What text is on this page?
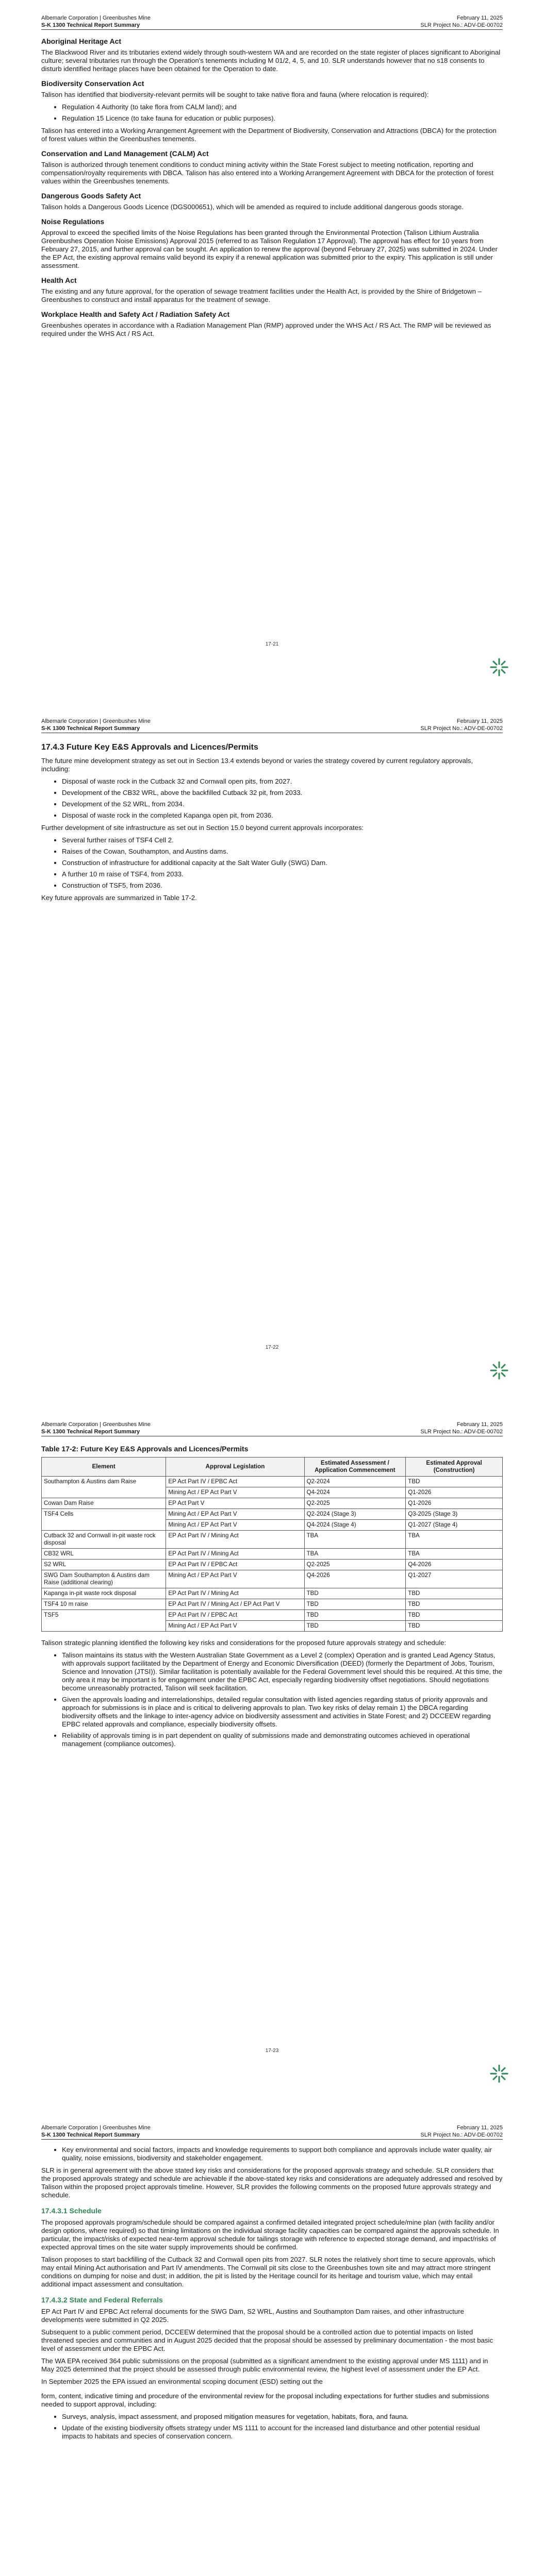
Albemarle Corporation | Greenbushes Mine
S-K 1300 Technical Report Summary
February 11, 2025
SLR Project No.: ADV-DE-00702
Aboriginal Heritage Act

The Blackwood River and its tributaries extend widely through south-western WA and are recorded on the state register of places significant to Aboriginal culture; several tributaries run through the Operation's tenements including M 01/2, 4, 5, and 10. SLR understands however that no s18 consents to disturb identified heritage places have been obtained for the Operation to date.

Biodiversity Conservation Act

Talison has identified that biodiversity-relevant permits will be sought to take native flora and fauna (where relocation is required):

• Regulation 4 Authority (to take flora from CALM land); and
• Regulation 15 Licence (to take fauna for education or public purposes).

Talison has entered into a Working Arrangement Agreement with the Department of Biodiversity, Conservation and Attractions (DBCA) for the protection of forest values within the Greenbushes tenements.

Conservation and Land Management (CALM) Act

Talison is authorized through tenement conditions to conduct mining activity within the State Forest subject to meeting notification, reporting and compensation/royalty requirements with DBCA. Talison has also entered into a Working Arrangement Agreement with DBCA for the protection of forest values within the Greenbushes tenements.

Dangerous Goods Safety Act

Talison holds a Dangerous Goods Licence (DGS000651), which will be amended as required to include additional dangerous goods storage.

Noise Regulations

Approval to exceed the specified limits of the Noise Regulations has been granted through the Environmental Protection (Talison Lithium Australia Greenbushes Operation Noise Emissions) Approval 2015 (referred to as Talison Regulation 17 Approval). The approval has effect for 10 years from February 27, 2015, and further approval can be sought. An application to renew the approval (beyond February 27, 2025) was submitted in 2024. Under the EP Act, the existing approval remains valid beyond its expiry if a renewal application was submitted prior to the expiry. This application is still under assessment.

Health Act

The existing and any future approval, for the operation of sewage treatment facilities under the Health Act, is provided by the Shire of Bridgetown – Greenbushes to construct and install apparatus for the treatment of sewage.

Workplace Health and Safety Act / Radiation Safety Act

Greenbushes operates in accordance with a Radiation Management Plan (RMP) approved under the WHS Act / RS Act. The RMP will be reviewed as required under the WHS Act / RS Act.

17-21
Albemarle Corporation | Greenbushes Mine
S-K 1300 Technical Report Summary
February 11, 2025
SLR Project No.: ADV-DE-00702
17.4.3 Future Key E&S Approvals and Licences/Permits

The future mine development strategy as set out in Section 13.4 extends beyond or varies the strategy covered by current regulatory approvals, including:

• Disposal of waste rock in the Cutback 32 and Cornwall open pits, from 2027.
• Development of the CB32 WRL, above the backfilled Cutback 32 pit, from 2033.
• Development of the S2 WRL, from 2034.
• Disposal of waste rock in the completed Kapanga open pit, from 2036.

Further development of site infrastructure as set out in Section 15.0 beyond current approvals incorporates:

• Several further raises of TSF4 Cell 2.
• Raises of the Cowan, Southampton, and Austins dams.
• Construction of infrastructure for additional capacity at the Salt Water Gully (SWG) Dam.
• A further 10 m raise of TSF4, from 2033.
• Construction of TSF5, from 2036.

Key future approvals are summarized in Table 17-2.

17-22
Albemarle Corporation | Greenbushes Mine
S-K 1300 Technical Report Summary
February 11, 2025
SLR Project No.: ADV-DE-00702
Table 17-2: Future Key E&S Approvals and Licences/Permits
Element	Approval Legislation	Estimated Assessment / Application Commencement	Estimated Approval (Construction)
Southampton & Austins dam Raise	EP Act Part IV / EPBC Act	Q2-2024	TBD
	Mining Act / EP Act Part V	Q4-2024	Q1-2026
Cowan Dam Raise	EP Act Part V	Q2-2025	Q1-2026
TSF4 Cells	Mining Act / EP Act Part V	Q2-2024 (Stage 3)	Q3-2025 (Stage 3)
	Mining Act / EP Act Part V	Q4-2024 (Stage 4)	Q1-2027 (Stage 4)
Cutback 32 and Cornwall in-pit waste rock disposal	EP Act Part IV / Mining Act	TBA	TBA
CB32 WRL	EP Act Part IV / Mining Act	TBA	TBA
S2 WRL	EP Act Part IV / EPBC Act	Q2-2025	Q4-2026
SWG Dam Southampton & Austins dam Raise (additional clearing)	Mining Act / EP Act Part V	Q4-2026	Q1-2027
Kapanga in-pit waste rock disposal	EP Act Part IV / Mining Act	TBD	TBD
TSF4 10 m raise	EP Act Part IV / Mining Act / EP Act Part V	TBD	TBD
TSF5	EP Act Part IV / EPBC Act	TBD	TBD
	Mining Act / EP Act Part V	TBD	TBD

Talison strategic planning identified the following key risks and considerations for the proposed future approvals strategy and schedule:

• Talison maintains its status with the Western Australian State Government as a Level 2 (complex) Operation and is granted Lead Agency Status, with approvals support facilitated by the Department of Energy and Economic Diversification (DEED) (formerly the Department of Jobs, Tourism, Science and Innovation (JTSI)). Similar facilitation is potentially available for the Federal Government level should this be required. At this time, the only area it may be important is for engagement under the EPBC Act, especially regarding biodiversity offset negotiations. Should negotiations become unreasonably protracted, Talison will seek facilitation.
• Given the approvals loading and interrelationships, detailed regular consultation with listed agencies regarding status of priority approvals and approach for submissions is in place and is critical to delivering approvals to plan. Two key risks of delay remain 1) the DBCA regarding biodiversity offsets and the linkage to inter-agency advice on biodiversity assessment and activities in State Forest; and 2) DCCEEW regarding EPBC related approvals and compliance, especially biodiversity offsets.
• Reliability of approvals timing is in part dependent on quality of submissions made and demonstrating outcomes achieved in operational management (compliance outcomes).
17-23
Albemarle Corporation | Greenbushes Mine
S-K 1300 Technical Report Summary
February 11, 2025
SLR Project No.: ADV-DE-00702
• Key environmental and social factors, impacts and knowledge requirements to support both compliance and approvals include water quality, air quality, noise emissions, biodiversity and stakeholder engagement.

SLR is in general agreement with the above stated key risks and considerations for the proposed approvals strategy and schedule. SLR considers that the proposed approvals strategy and schedule are achievable if the above-stated key risks and considerations are adequately addressed and resolved by Talison within the proposed project approvals timeline. However, SLR provides the following comments on the proposed future approvals strategy and schedule.

17.4.3.1 Schedule

The proposed approvals program/schedule should be compared against a confirmed detailed integrated project schedule/mine plan (with facility and/or design options, where required) so that timing limitations on the individual storage facility capacities can be compared against the approvals schedule. In particular, the impact/risks of expected near-term approval schedule for tailings storage with reference to expected storage demand, and impact/risks of expected approval times on the site water supply improvements should be confirmed.

Talison proposes to start backfilling of the Cutback 32 and Cornwall open pits from 2027. SLR notes the relatively short time to secure approvals, which may entail Mining Act authorisation and Part IV amendments. The Cornwall pit sits close to the Greenbushes town site and may attract more stringent conditions on dumping for noise and dust; in addition, the pit is listed by the Heritage council for its heritage and tourism value, which may entail additional impact assessment and consultation.

17.4.3.2 State and Federal Referrals

EP Act Part IV and EPBC Act referral documents for the SWG Dam, S2 WRL, Austins and Southampton Dam raises, and other infrastructure developments were submitted in Q2 2025.

Subsequent to a public comment period, DCCEEW determined that the proposal should be a controlled action due to potential impacts on listed threatened species and communities and in August 2025 decided that the proposal should be assessed by preliminary documentation - the most basic level of assessment under the EPBC Act.

The WA EPA received 364 public submissions on the proposal (submitted as a significant amendment to the existing approval under MS 1111) and in May 2025 determined that the project should be assessed through public environmental review, the highest level of assessment under the EP Act.

In September 2025 the EPA issued an environmental scoping document (ESD) setting out the

form, content, indicative timing and procedure of the environmental review for the proposal including expectations for further studies and submissions needed to support approval, including:

• Surveys, analysis, impact assessment, and proposed mitigation measures for vegetation, habitats, flora, and fauna.
• Update of the existing biodiversity offsets strategy under MS 1111 to account for the increased land disturbance and other potential residual impacts to habitats and species of conservation concern.
